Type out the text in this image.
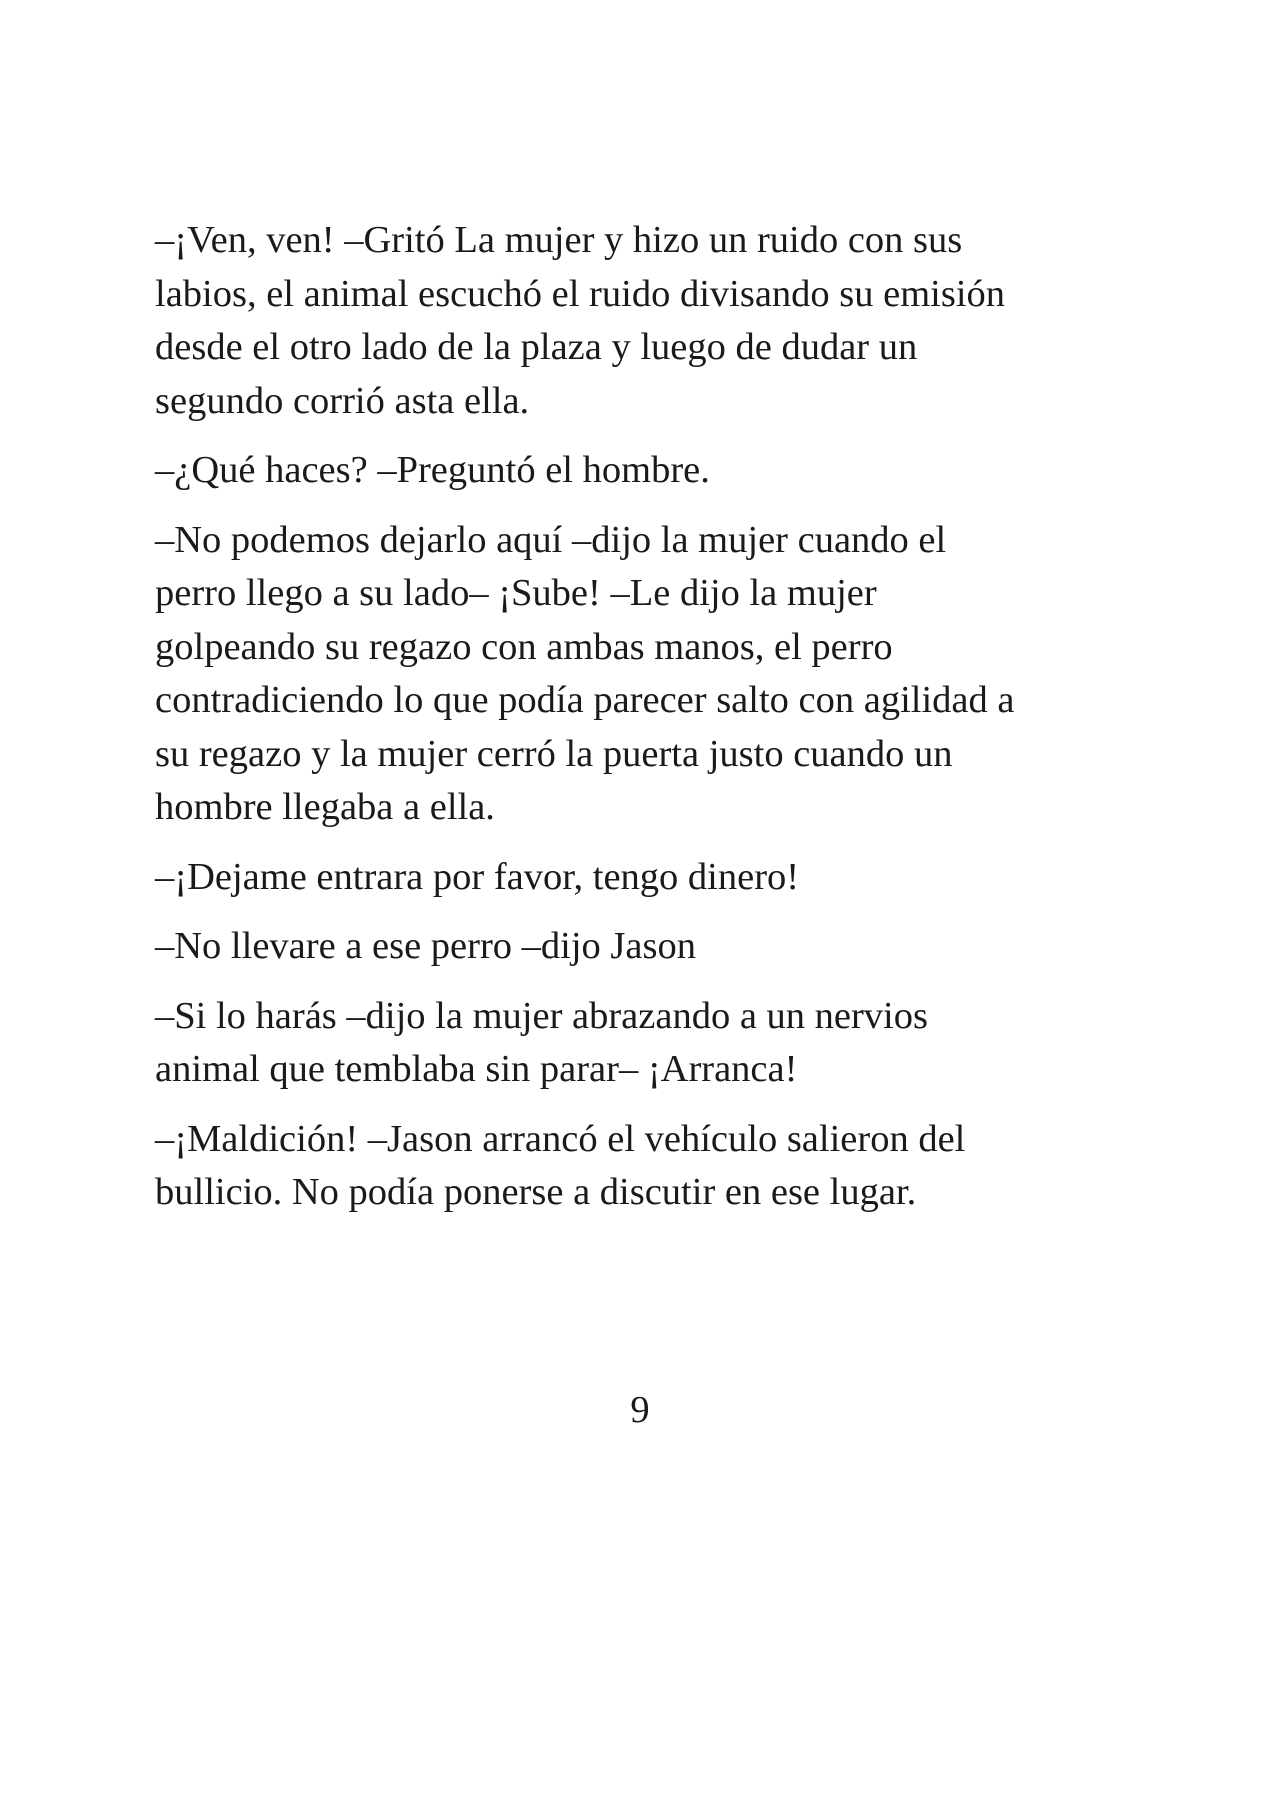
–¡Ven, ven! –Gritó La mujer y hizo un ruido con sus
labios, el animal escuchó el ruido divisando su emisión
desde el otro lado de la plaza y luego de dudar un
segundo corrió asta ella.

–¿Qué haces? –Preguntó el hombre.

–No podemos dejarlo aquí –dijo la mujer cuando el
perro llego a su lado– ¡Sube! –Le dijo la mujer
golpeando su regazo con ambas manos, el perro
contradiciendo lo que podía parecer salto con agilidad a
su regazo y la mujer cerró la puerta justo cuando un
hombre llegaba a ella.

–¡Dejame entrara por favor, tengo dinero!

–No llevare a ese perro –dijo Jason

–Si lo harás –dijo la mujer abrazando a un nervios
animal que temblaba sin parar– ¡Arranca!

–¡Maldición! –Jason arrancó el vehículo salieron del
bullicio. No podía ponerse a discutir en ese lugar.

9
